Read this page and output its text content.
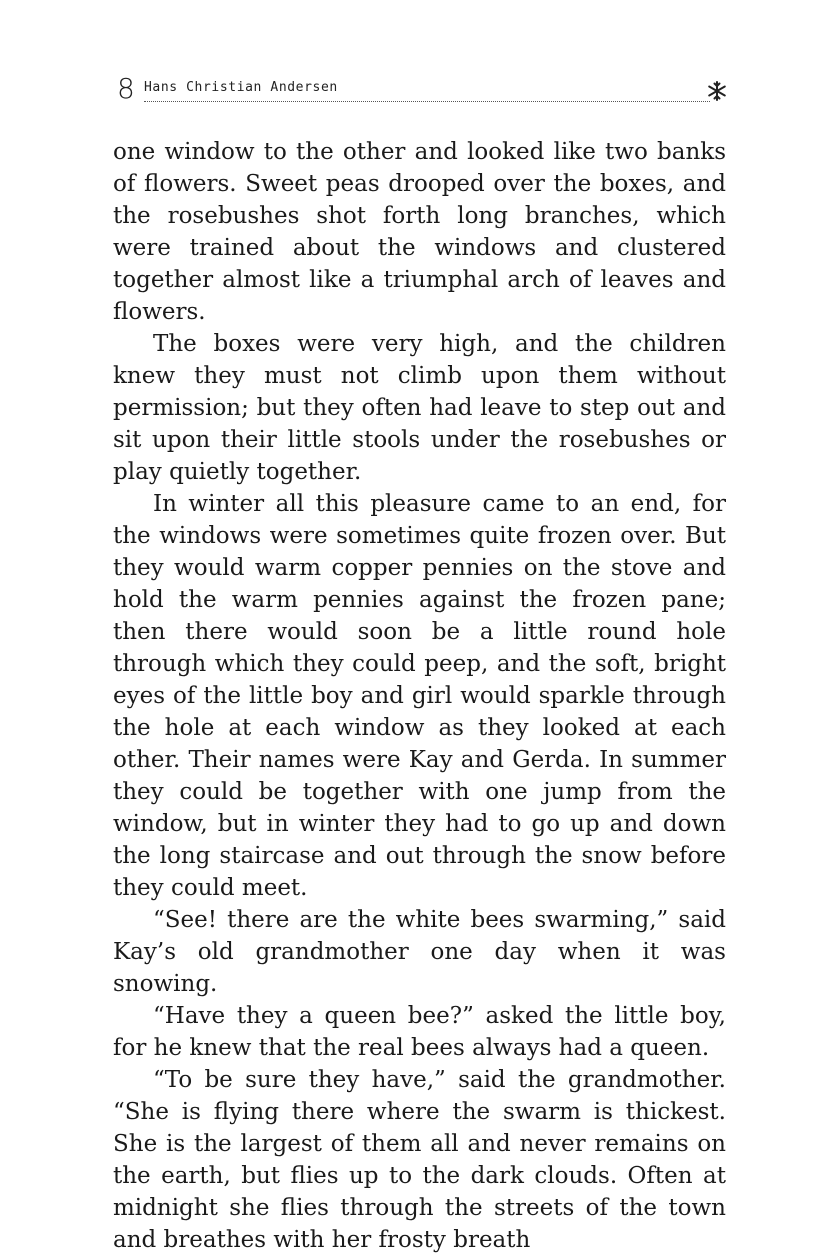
8 Hans Christian Andersen

one window to the other and looked like two banks of flowers. Sweet peas drooped over the boxes, and the rosebushes shot forth long branches, which were trained about the windows and clustered together almost like a triumphal arch of leaves and flowers.

The boxes were very high, and the children knew they must not climb upon them without permission; but they often had leave to step out and sit upon their little stools under the rosebushes or play quietly together.

In winter all this pleasure came to an end, for the windows were sometimes quite frozen over. But they would warm copper pennies on the stove and hold the warm pennies against the frozen pane; then there would soon be a little round hole through which they could peep, and the soft, bright eyes of the little boy and girl would sparkle through the hole at each window as they looked at each other. Their names were Kay and Gerda. In summer they could be together with one jump from the window, but in winter they had to go up and down the long staircase and out through the snow before they could meet.

“See! there are the white bees swarming,” said Kay’s old grandmother one day when it was snowing.

“Have they a queen bee?” asked the little boy, for he knew that the real bees always had a queen.

“To be sure they have,” said the grandmother. “She is flying there where the swarm is thickest. She is the largest of them all and never remains on the earth, but flies up to the dark clouds. Often at midnight she flies through the streets of the town and breathes with her frosty breath
